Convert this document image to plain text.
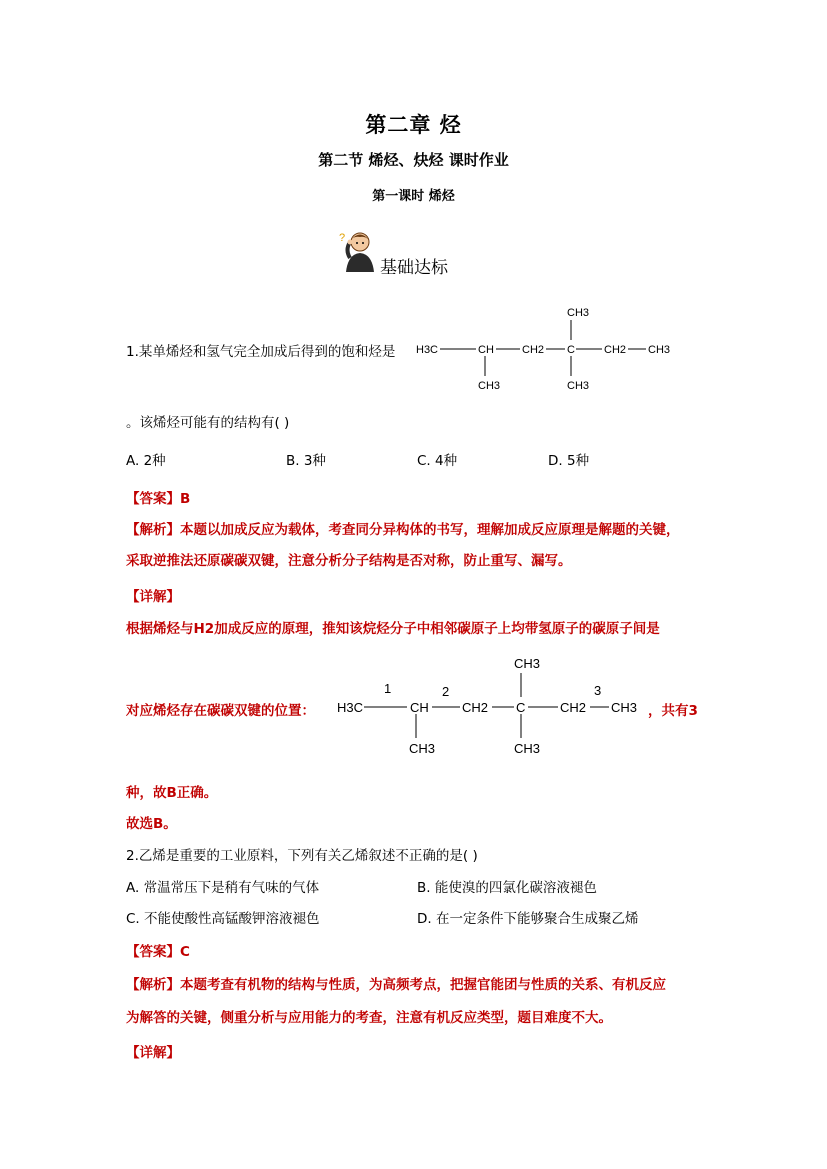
第二章 烃
第二节 烯烃、炔烃 课时作业
第一课时 烯烃
?
基础达标
1.某单烯烃和氢气完全加成后得到的饱和烃是 H3C	CH	CH2 C	CH2 CH3
CH3
CH3	CH3
。该烯烃可能有的结构有( )
A. 2种	B. 3种	C. 4种	D. 5种
【答案】B
【解析】本题以加成反应为载体，考查同分异构体的书写，理解加成反应原理是解题的关键，
采取逆推法还原碳碳双键，注意分析分子结构是否对称，防止重写、漏写。
【详解】
根据烯烃与H2加成反应的原理，推知该烷烃分子中相邻碳原子上均带氢原子的碳原子间是
对应烯烃存在碳碳双键的位置： H3C	CH	CH2 C	CH2 CH3
CH3
CH3	CH3
1	2	3
，共有3
种，故B正确。
故选B。
2.乙烯是重要的工业原料，下列有关乙烯叙述不正确的是( )
A. 常温常压下是稍有气味的气体	B. 能使溴的四氯化碳溶液褪色
C. 不能使酸性高锰酸钾溶液褪色	D. 在一定条件下能够聚合生成聚乙烯
【答案】C
【解析】本题考查有机物的结构与性质，为高频考点，把握官能团与性质的关系、有机反应
为解答的关键，侧重分析与应用能力的考查，注意有机反应类型，题目难度不大。
【详解】
